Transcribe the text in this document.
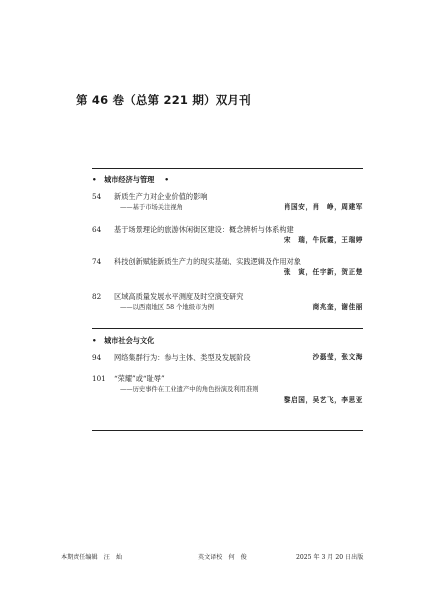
第 46 卷（总第 221 期）双月刊
• 城市经济与管理 •
54 新质生产力对企业价值的影响
——基于市场关注视角	肖国安，肖　峥，周建军
64 基于场景理论的旅游休闲街区建设：概念辨析与体系构建
宋　瑞，牛阮霞，王瑞婷
74 科技创新赋能新质生产力的现实基础、实践逻辑及作用对象
张　寅，任宇新，贺正楚
82 区域高质量发展水平测度及时空演变研究
——以西南地区 58 个地级市为例	商兆奎，谢佳丽
• 城市社会与文化
94 网络集群行为：参与主体、类型及发展阶段	沙磊莹，张文海
101 “荣耀”或“耻辱”
——历史事件在工业遗产中的角色扮演及利用准则
黎启国，吴艺飞，李思亚
本期责任编辑　汪　灿	英文译校　何　俊	2025 年 3 月 20 日出版
